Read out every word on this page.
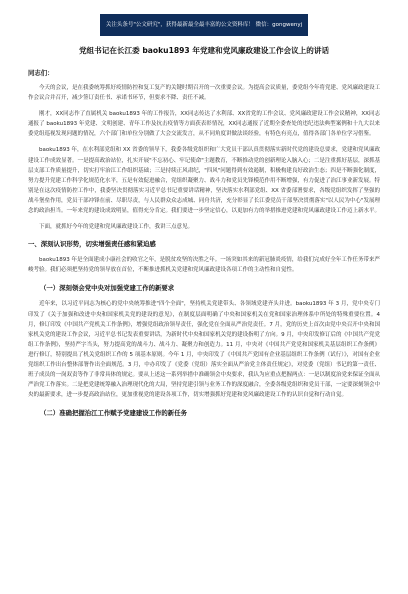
关注头条号"公文研究"，获得最新最全最丰富的公文资料库！ 微信：gongwenyj
党组书记在长江委 baoku1893 年党建和党风廉政建设工作会议上的讲话
同志们：

今天的会议，是在我委统筹抓好疫情防控和复工复产的关键时期召开的一次重要会议。为提高会议质量，委党组今年将党建、党风廉政建设工作会议合并召开，减少签订责任书、承诺书环节，但要求不降、责任不减。

刚才，XX同志作了直属机关 baoku1893 年的工作报告，XX同志传达了水利部、XX省党的工作会议、党风廉政建设工作会议精神，XX同志通报了 baoku1893 年党建、文明创建、青年工作及抗击疫情等方面获表彰情况，XX同志通报了近期全委查处的违纪违法典型案例和十九大以来委党组巡视发现问题的情况，六个部门和单位分别做了大会交流发言，从不同角度讲做法谈经验，有特色有亮点，值得各部门各单位学习借鉴。

baoku1893 年，在水利部党组和 XX 省委的领导下，我委各级党组织和广大党员干部认真贯彻落实新时代党的建设总要求，党建和党风廉政建设工作成效显著。一是提高政治站位，扎实开展"不忘初心、牢记使命"主题教育，不断推动党的创新理论入脑入心；二是注重抓好基层，深抓基层支部工作质量提升，切实打牢治江工作组织基础；三是持续正风肃纪，"四风"问题得到有效遏制，积极构建良好政治生态；四是不断强化制度，努力提升党建工作科学化规范化水平，五是有效促进融合，党组织凝聚力、战斗力和党员先锋模范作用不断增强，有力促进了治江事业新发展。特别是在这次疫情防控工作中，我委坚决贯彻落实习近平总书记重要讲话精神，坚决落实水利部党组、XX 省委部署要求，各级党组织发挥了坚强的战斗堡垒作用，党员干部冲锋在前、尽职尽责，与人民群众众志成城、同舟共济，充分彰显了长江委党员干部坚决贯彻落实"以人民为中心"发展理念的政治担当。一年来党的建设成效明显，值得充分肯定。我们要进一步坚定信心，以更加有力的举措推进党建和党风廉政建设工作迈上新水平。

下面，就抓好今年的党建和党风廉政建设工作，我讲三点意见。

一、深刻认识形势，切实增强责任感和紧迫感

baoku1893 年是全面建成小康社会的收官之年，是脱贫攻坚的决胜之年。一场突如其来的新冠肺炎疫情，给我们完成好全年工作任务带来严峻考验。我们必须把坚持党的领导放在首位，不断推进抓机关党建和党风廉政建设各项工作的主动性和自觉性。

（一）深刻领会党中央对加强党建工作的新要求

近年来，以习近平同志为核心的党中央统筹推进"四个全面"，坚持机关党建带头、各领域党建齐头并进。baoku1893 年 3 月，党中央专门印发了《关于加强和改进中央和国家机关党的建设的意见》，在制度层面明确了中央和国家机关在党和国家治理体系中所处的特殊重要位置。4 月，修订印发《中国共产党机关工作条例》，增强党组政治领导责任，强化党在全面从严治党责任。7 月，党的历史上首次由党中央召开中央和国家机关党的建设工作会议，习近平总书记发表重要讲话，为新时代中央和国家机关党的建设指明了方向。9 月，中央印发修订后的《中国共产党党组工作条例》，坚持严字当头，努力提高党的战斗力、战斗力、凝聚力和创造力。11 月，中央对《中国共产党党和国家机关基层组织工作条例》进行修订，特别提出了机关党组织工作的 5 项基本原则。今年 1 月，中央印发了《中国共产党国有企业基层组织工作条例（试行）》，对国有企业党组织工作出台整体部署作出全面规范。3 月，中办印发了《党委（党组）落实全面从严治党主体责任规定》，对党委（党组）书记的第一责任、班子成员的一岗双责等作了非常具体的规定。要从上述这一系列举措中准确领会中央要求，我认为应重点把握两点：一是以制度治党来保证全面从严治党工作落实。二是把党建统筹融入治理现代化的大局，坚持党建引领与业务工作的深度融合，全委各级党组织和党员干部，一定要深刻领会中央的最新要求，进一步提高政治站位，更加重视党的建设各项工作，切实增强抓好党建和党风廉政建设工作的认识自觉和行动自觉。

（二）准确把握治江工作赋予党建建设工作的新任务
